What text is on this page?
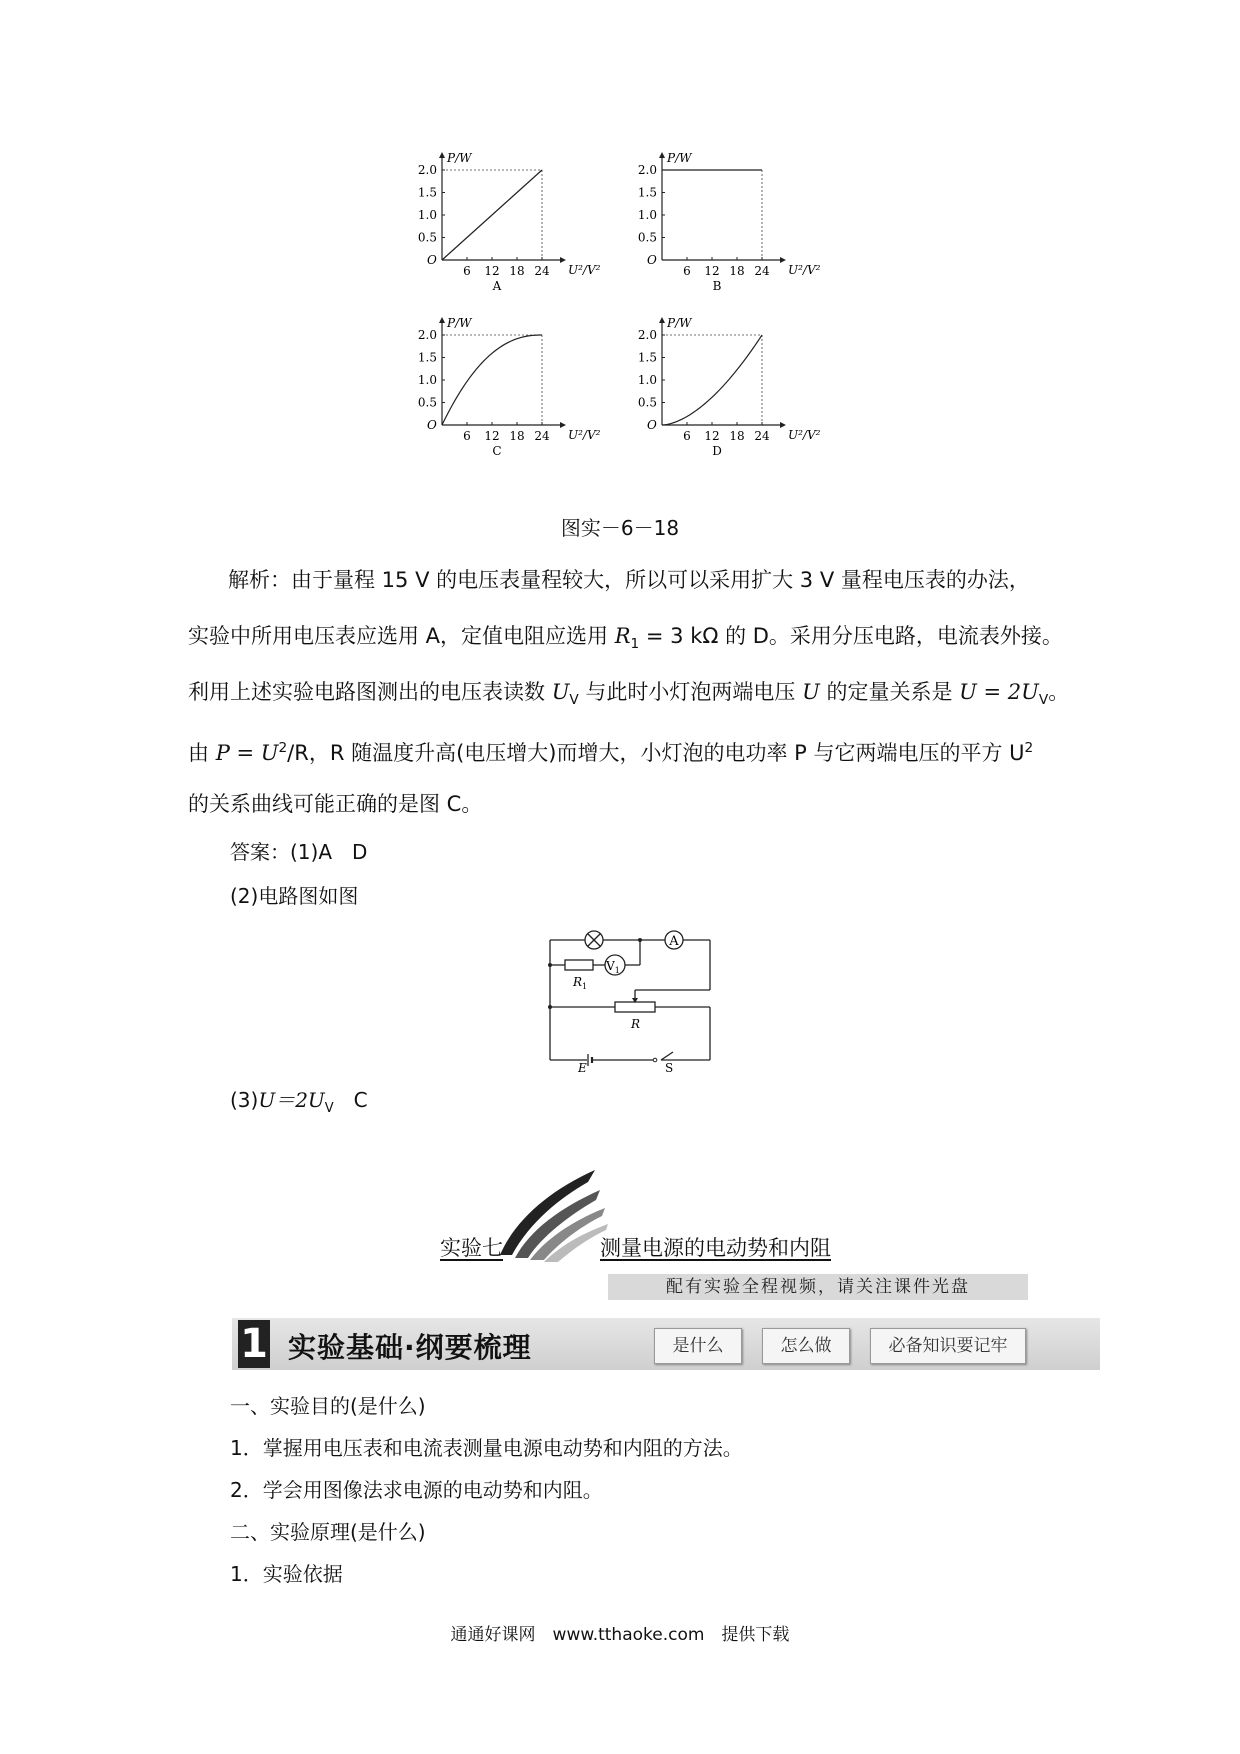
2.0
1.5
1.0
0.5
6 12 18 24
P/W
U²/V²
O
A
2.0
1.5
1.0
0.5
6 12 18 24
P/W
U²/V²
O
B
2.0
1.5
1.0
0.5
6 12 18 24
P/W
U²/V²
O
C
2.0
1.5
1.0
0.5
6 12 18 24
P/W
U²/V²
O
D
图实－6－18
解析：由于量程 15 V 的电压表量程较大，所以可以采用扩大 3 V 量程电压表的办法，
实验中所用电压表应选用 A，定值电阻应选用 $R_1 = 3$ kΩ 的 D。采用分压电路，电流表外接。
利用上述实验电路图测出的电压表读数 $U_V$ 与此时小灯泡两端电压 U 的定量关系是 $U = 2U_V$。
由 $P = U^2/R$，R 随温度升高(电压增大)而增大，小灯泡的电功率 P 与它两端电压的平方 $U^2$
的关系曲线可能正确的是图 C。
答案：(1)A　D
(2)电路图如图
A
$V_1$
$R_1$
R
E	S
$(3)U=2U_V$　C
实验七	测量电源的电动势和内阻
配有实验全程视频，请关注课件光盘
1 实验基础·纲要梳理	是什么	怎么做	必备知识要记牢
一、实验目的(是什么)
1．掌握用电压表和电流表测量电源电动势和内阻的方法。
2．学会用图像法求电源的电动势和内阻。
二、实验原理(是什么)
1．实验依据
通通好课网　www.tthaoke.com　提供下载
